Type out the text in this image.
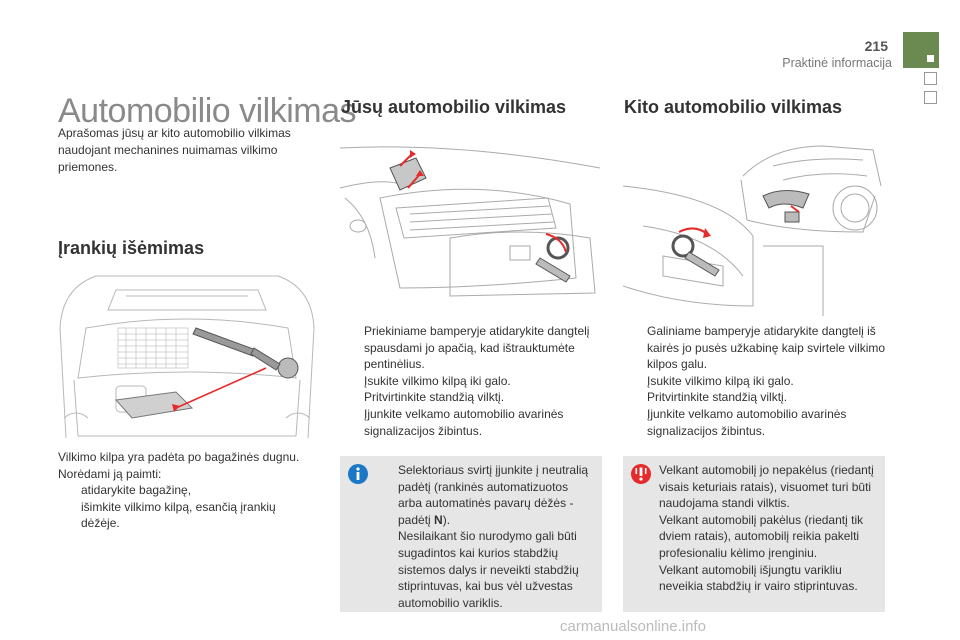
215
Praktinė informacija
Automobilio vilkimas

Aprašomas jūsų ar kito automobilio vilkimas naudojant mechanines nuimamas vilkimo priemones.

Įrankių išėmimas

Vilkimo kilpa yra padėta po bagažinės dugnu.

Norėdami ją paimti:

atidarykite bagažinę,
išimkite vilkimo kilpą, esančią įrankių dėžėje.
Jūsų automobilio vilkimas
Priekiniame bamperyje atidarykite dangtelį spausdami jo apačią, kad ištrauktumėte pentinėlius.
Įsukite vilkimo kilpą iki galo.
Pritvirtinkite standžią vilktį.
Įjunkite velkamo automobilio avarinės signalizacijos žibintus.
Selektoriaus svirtį įjunkite į neutralią padėtį (rankinės automatizuotos arba automatinės pavarų dėžės - padėtį N).
Nesilaikant šio nurodymo gali būti sugadintos kai kurios stabdžių sistemos dalys ir neveikti stabdžių stiprintuvas, kai bus vėl užvestas automobilio variklis.
Kito automobilio vilkimas
Galiniame bamperyje atidarykite dangtelį iš kairės jo pusės užkabinę kaip svirtele vilkimo kilpos galu.
Įsukite vilkimo kilpą iki galo.
Pritvirtinkite standžią vilktį.
Įjunkite velkamo automobilio avarinės signalizacijos žibintus.
Velkant automobilį jo nepakėlus (riedantį visais keturiais ratais), visuomet turi būti naudojama standi vilktis.
Velkant automobilį pakėlus (riedantį tik dviem ratais), automobilį reikia pakelti profesionaliu kėlimo įrenginiu.
Velkant automobilį išjungtu varikliu neveikia stabdžių ir vairo stiprintuvas.
carmanualsonline.info
